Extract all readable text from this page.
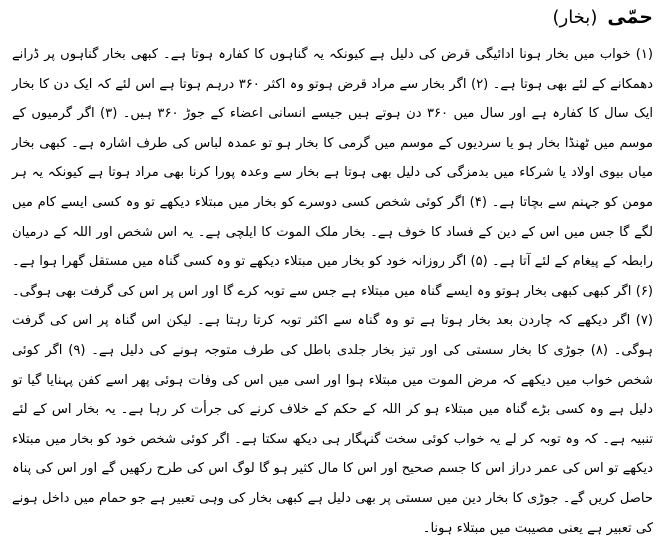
حمّی
(بخار)

(۱) خواب میں بخار ہونا ادائیگی قرض کی دلیل ہے کیونکہ یہ گناہوں کا کفارہ ہوتا ہے۔ کبھی بخار گناہوں پر ڈرانے دھمکانے کے لئے بھی ہوتا ہے۔ (۲) اگر بخار سے مراد قرض ہوتو وہ اکثر ۳۶۰ درہم ہوتا ہے اس لئے کہ ایک دن کا بخار ایک سال کا کفارہ ہے اور سال میں ۳۶۰ دن ہوتے ہیں جیسے انسانی اعضاء کے جوڑ ۳۶۰ ہیں۔ (۳) اگر گرمیوں کے موسم میں ٹھنڈا بخار ہو یا سردیوں کے موسم میں گرمی کا بخار ہو تو عمدہ لباس کی طرف اشارہ ہے۔ کبھی بخار میاں بیوی اولاد یا شرکاء میں بدمزگی کی دلیل بھی ہوتا ہے بخار سے وعدہ پورا کرنا بھی مراد ہوتا ہے کیونکہ یہ ہر مومن کو جہنم سے بچاتا ہے۔ (۴) اگر کوئی شخص کسی دوسرے کو بخار میں مبتلاء دیکھے تو وہ کسی ایسے کام میں لگے گا جس میں اس کے دین کے فساد کا خوف ہے۔ بخار ملک الموت کا ایلچی ہے۔ یہ اس شخص اور اللہ کے درمیان رابطہ کے پیغام کے لئے آتا ہے۔ (۵) اگر روزانہ خود کو بخار میں مبتلاء دیکھے تو وہ کسی گناہ میں مستقل گھرا ہوا ہے۔ (۶) اگر کبھی کبھی بخار ہوتو وہ ایسے گناہ میں مبتلاء ہے جس سے توبہ کرے گا اور اس پر اس کی گرفت بھی ہوگی۔ (۷) اگر دیکھے کہ چاردن بعد بخار ہوتا ہے تو وہ گناہ سے اکثر توبہ کرتا رہتا ہے۔ لیکن اس گناہ پر اس کی گرفت ہوگی۔ (۸) جوڑی کا بخار سستی کی اور تیز بخار جلدی باطل کی طرف متوجہ ہونے کی دلیل ہے۔ (۹) اگر کوئی شخص خواب میں دیکھے کہ مرض الموت میں مبتلاء ہوا اور اسی میں اس کی وفات ہوئی پھر اسے کفن پہنایا گیا تو دلیل ہے وہ کسی بڑے گناہ میں مبتلاء ہو کر اللہ کے حکم کے خلاف کرنے کی جرأت کر رہا ہے۔ یہ بخار اس کے لئے تنبیہ ہے۔ کہ وہ توبہ کر لے یہ خواب کوئی سخت گنہگار ہی دیکھ سکتا ہے۔ اگر کوئی شخص خود کو بخار میں مبتلاء دیکھے تو اس کی عمر دراز اس کا جسم صحیح اور اس کا مال کثیر ہو گا لوگ اس کی طرح رکھیں گے اور اس کی پناہ حاصل کریں گے۔ جوڑی کا بخار دین میں سستی پر بھی دلیل ہے کبھی بخار کی وہی تعبیر ہے جو حمام میں داخل ہونے کی تعبیر ہے یعنی مصیبت میں مبتلاء ہونا۔
